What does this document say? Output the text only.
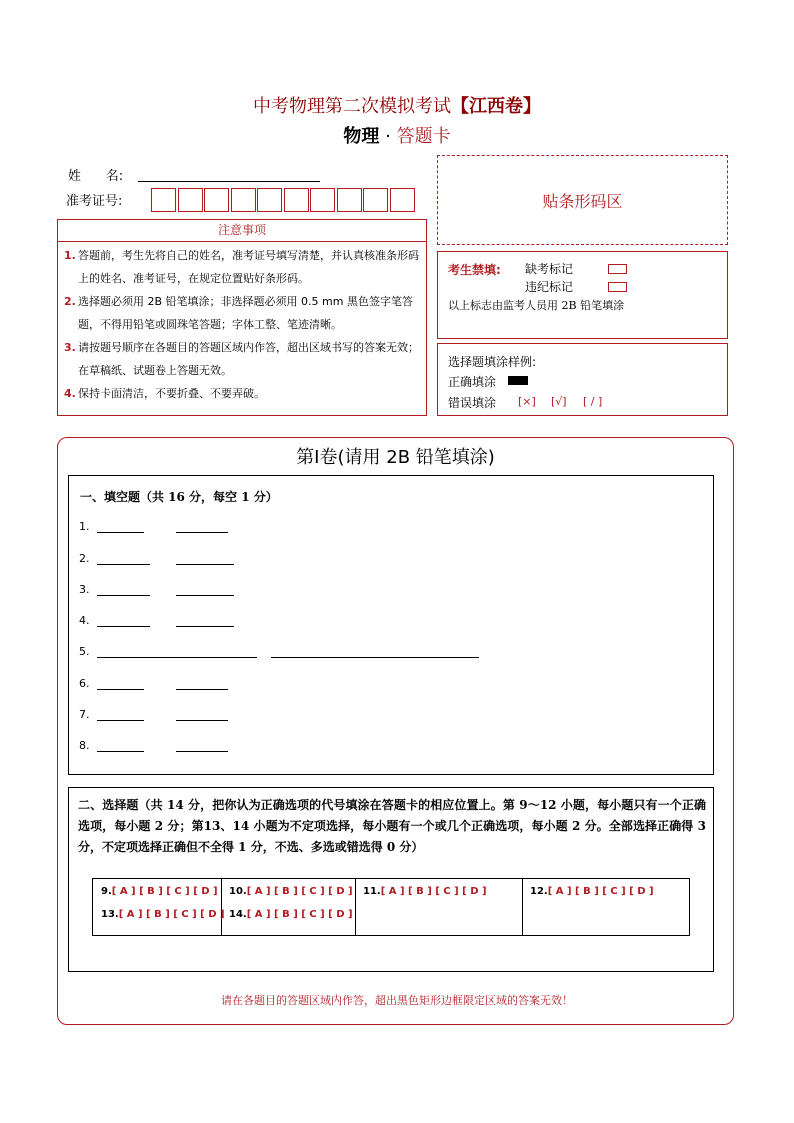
中考物理第二次模拟考试【江西卷】
物理 · 答题卡
姓      名:
准考证号:	贴条形码区
注意事项
1. 答题前，考生先将自己的姓名，准考证号填写清楚，并认真核准条形码上的姓名、准考证号，在规定位置贴好条形码。
2. 选择题必须用 2B 铅笔填涂；非选择题必须用 0.5 mm 黑色签字笔答题，不得用铅笔或圆珠笔答题；字体工整、笔迹清晰。
3. 请按题号顺序在各题目的答题区域内作答，超出区域书写的答案无效；在草稿纸、试题卷上答题无效。
4. 保持卡面清洁，不要折叠、不要弄破。
考生禁填: 缺考标记
违纪标记
以上标志由监考人员用 2B 铅笔填涂
选择题填涂样例:
正确填涂
错误填涂 [×] [√] [ / ]
第Ⅰ卷(请用 2B 铅笔填涂)
一、填空题（共 16 分，每空 1 分）
1.
2.
3.
4.
5.
6.
7.
8.
二、选择题（共 14 分，把你认为正确选项的代号填涂在答题卡的相应位置上。第 9～12 小题，每小题只有一个正确选项，每小题 2 分；第13、14 小题为不定项选择，每小题有一个或几个正确选项，每小题 2 分。全部选择正确得 3 分，不定项选择正确但不全得 1 分，不选、多选或错选得 0 分）
9.[ A ] [ B ] [ C ] [ D ] 10.[ A ] [ B ] [ C ] [ D ] 11.[ A ] [ B ] [ C ] [ D ]	12.[ A ] [ B ] [ C ] [ D ]
13.[ A ] [ B ] [ C ] [ D ] 14.[ A ] [ B ] [ C ] [ D ]
请在各题目的答题区域内作答，超出黑色矩形边框限定区域的答案无效！
